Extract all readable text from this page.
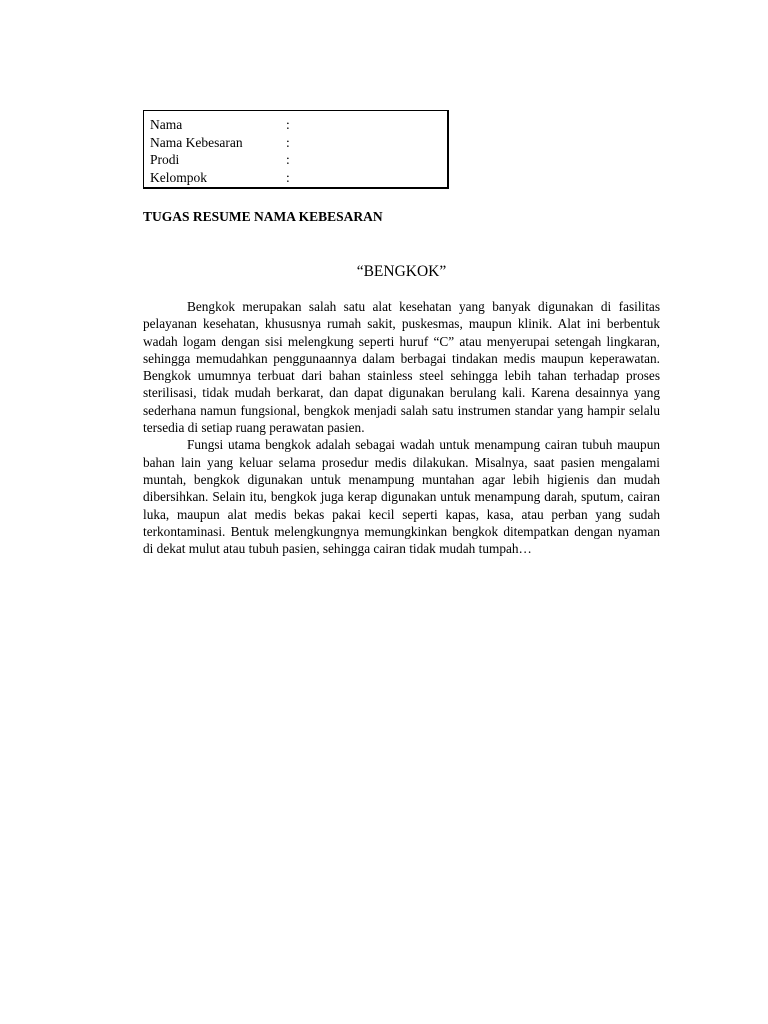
Nama	:
Nama Kebesaran	:
Prodi	:
Kelompok	:
TUGAS RESUME NAMA KEBESARAN
“BENGKOK”

Bengkok merupakan salah satu alat kesehatan yang banyak digunakan di fasilitas pelayanan kesehatan, khususnya rumah sakit, puskesmas, maupun klinik. Alat ini berbentuk wadah logam dengan sisi melengkung seperti huruf “C” atau menyerupai setengah lingkaran, sehingga memudahkan penggunaannya dalam berbagai tindakan medis maupun keperawatan. Bengkok umumnya terbuat dari bahan stainless steel sehingga lebih tahan terhadap proses sterilisasi, tidak mudah berkarat, dan dapat digunakan berulang kali. Karena desainnya yang sederhana namun fungsional, bengkok menjadi salah satu instrumen standar yang hampir selalu tersedia di setiap ruang perawatan pasien.

Fungsi utama bengkok adalah sebagai wadah untuk menampung cairan tubuh maupun bahan lain yang keluar selama prosedur medis dilakukan. Misalnya, saat pasien mengalami muntah, bengkok digunakan untuk menampung muntahan agar lebih higienis dan mudah dibersihkan. Selain itu, bengkok juga kerap digunakan untuk menampung darah, sputum, cairan luka, maupun alat medis bekas pakai kecil seperti kapas, kasa, atau perban yang sudah terkontaminasi. Bentuk melengkungnya memungkinkan bengkok ditempatkan dengan nyaman di dekat mulut atau tubuh pasien, sehingga cairan tidak mudah tumpah…
